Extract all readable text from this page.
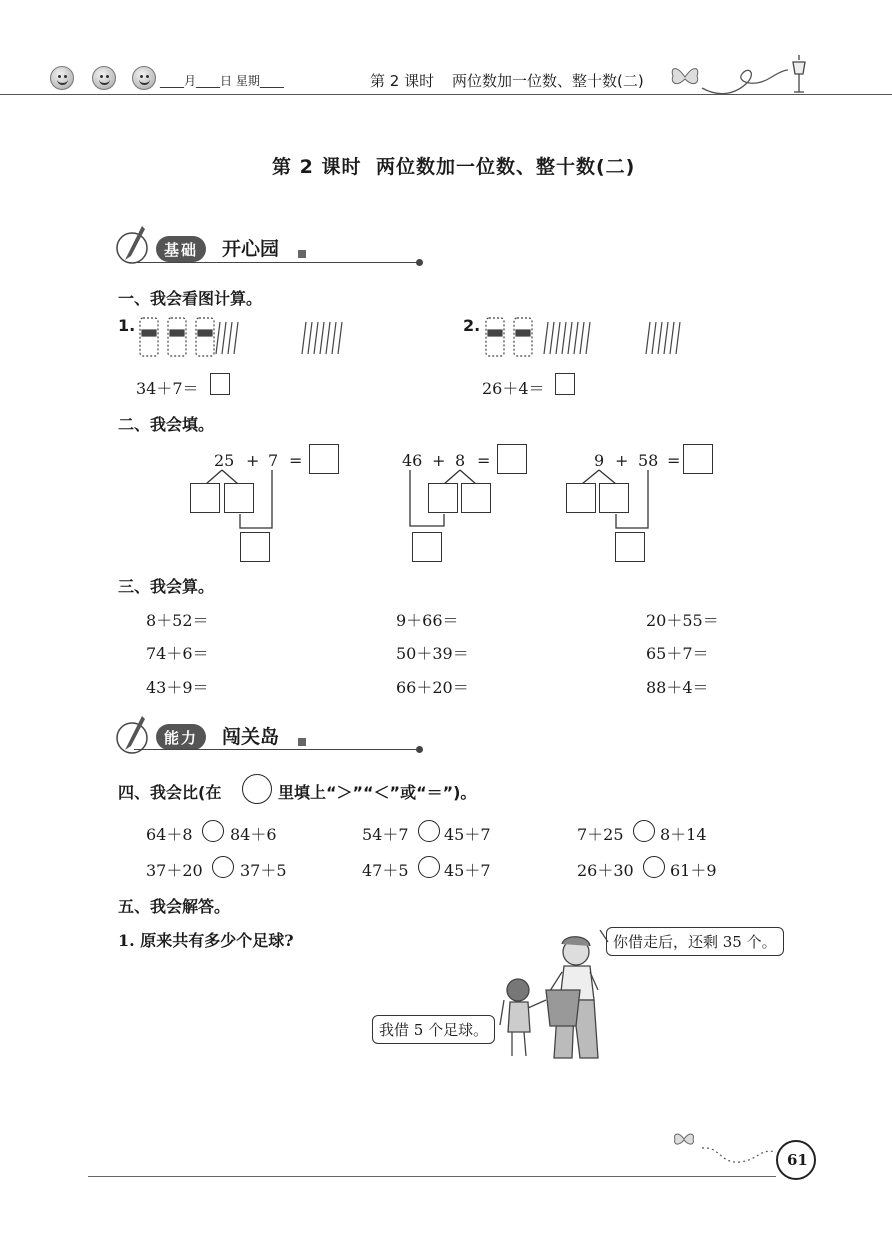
____月____日 星期____	第 2 课时 两位数加一位数、整十数(二)
第 2 课时 两位数加一位数、整十数(二)
基础	开心园
一、我会看图计算。
1.
34＋7＝
2.
26＋4＝
二、我会填。
25 + 7 =	46 + 8 =	9 + 58 =
三、我会算。
8＋52＝	9＋66＝	20＋55＝
74＋6＝	50＋39＝	65＋7＝
43＋9＝	66＋20＝	88＋4＝
能力	闯关岛
四、我会比(在	里填上“＞”“＜”或“＝”)。
64＋8 84＋6	54＋7 45＋7	7＋25 8＋14
37＋20 37＋5	47＋5 45＋7	26＋30 61＋9
五、我会解答。
1. 原来共有多少个足球?	你借走后，还剩 35 个。
我借 5 个足球。
61
